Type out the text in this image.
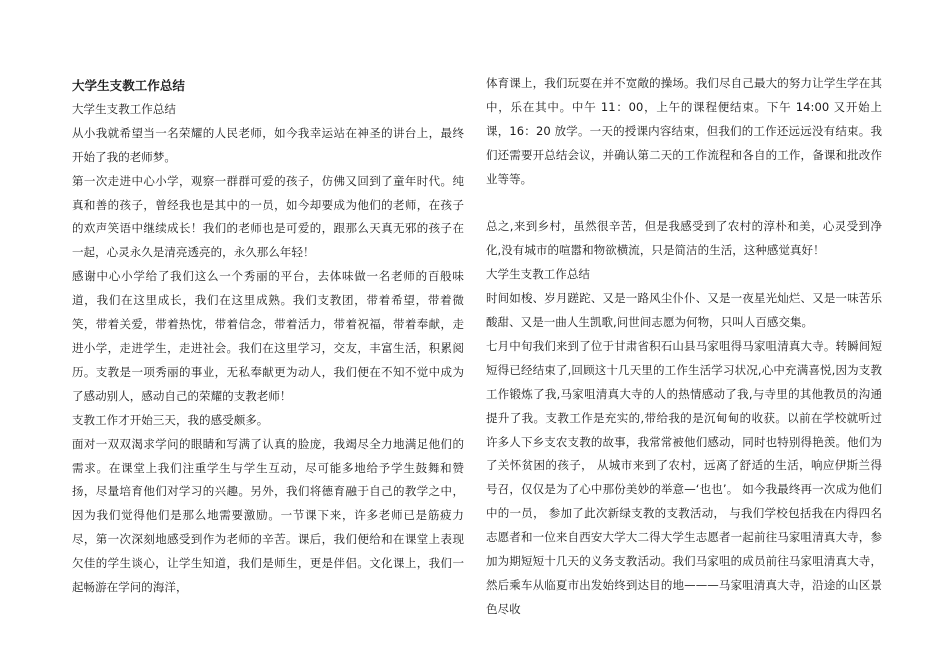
大学生支教工作总结

大学生支教工作总结

从小我就希望当一名荣耀的人民老师，如今我幸运站在神圣的讲台上，最终开始了我的老师梦。

第一次走进中心小学，观察一群群可爱的孩子，仿佛又回到了童年时代。纯真和善的孩子，曾经我也是其中的一员，如今却要成为他们的老师，在孩子的欢声笑语中继续成长！我们的老师也是可爱的，跟那么天真无邪的孩子在一起，心灵永久是清亮透亮的，永久那么年轻！

感谢中心小学给了我们这么一个秀丽的平台，去体味做一名老师的百般味道，我们在这里成长，我们在这里成熟。我们支教团，带着希望，带着微笑，带着关爱，带着热忱，带着信念，带着活力，带着祝福，带着奉献，走进小学，走进学生，走进社会。我们在这里学习，交友，丰富生活，积累阅历。支教是一项秀丽的事业，无私奉献更为动人，我们便在不知不觉中成为了感动别人，感动自己的荣耀的支教老师！

支教工作才开始三天，我的感受颇多。

面对一双双渴求学问的眼睛和写满了认真的脸庞，我竭尽全力地满足他们的需求。在课堂上我们注重学生与学生互动，尽可能多地给予学生鼓舞和赞扬，尽量培育他们对学习的兴趣。另外，我们将德育融于自己的教学之中，因为我们觉得他们是那么地需要激励。一节课下来，许多老师已是筋疲力尽，第一次深刻地感受到作为老师的辛苦。课后，我们便给和在课堂上表现欠佳的学生谈心，让学生知道，我们是师生，更是伴侣。文化课上，我们一起畅游在学问的海洋，

体育课上，我们玩耍在并不宽敞的操场。我们尽自己最大的努力让学生学在其中，乐在其中。中午 11：00，上午的课程便结束。下午 14:00 又开始上课，16：20 放学。一天的授课内容结束，但我们的工作还远远没有结束。我们还需要开总结会议，并确认第二天的工作流程和各自的工作，备课和批改作业等等。

总之,来到乡村，虽然很辛苦，但是我感受到了农村的淳朴和美，心灵受到净化,没有城市的喧嚣和物欲横流，只是简洁的生活，这种感觉真好！

大学生支教工作总结

时间如梭、岁月蹉跎、又是一路风尘仆仆、又是一夜星光灿烂、又是一味苦乐酸甜、又是一曲人生凯歌,问世间志愿为何物，只叫人百感交集。

七月中旬我们来到了位于甘肃省积石山县马家咀得马家咀清真大寺。转瞬间短短得已经结束了,回顾这十几天里的工作生活学习状况,心中充满喜悦,因为支教工作锻炼了我,马家咀清真大寺的人的热情感动了我,与寺里的其他教员的沟通提升了我。支教工作是充实的,带给我的是沉甸甸的收获。以前在学校就听过许多人下乡支农支教的故事，我常常被他们感动，同时也特别得艳羡。他们为了关怀贫困的孩子， 从城市来到了农村，远离了舒适的生活，响应伊斯兰得号召，仅仅是为了心中那份美妙的举意—‘也也’。 如今我最终再一次成为他们中的一员， 参加了此次新绿支教的支教活动， 与我们学校包括我在内得四名志愿者和一位来自西安大学大二得大学生志愿者一起前往马家咀清真大寺，参加为期短短十几天的义务支教活动。我们马家咀的成员前往马家咀清真大寺，然后乘车从临夏市出发始终到达目的地———马家咀清真大寺，沿途的山区景色尽收
